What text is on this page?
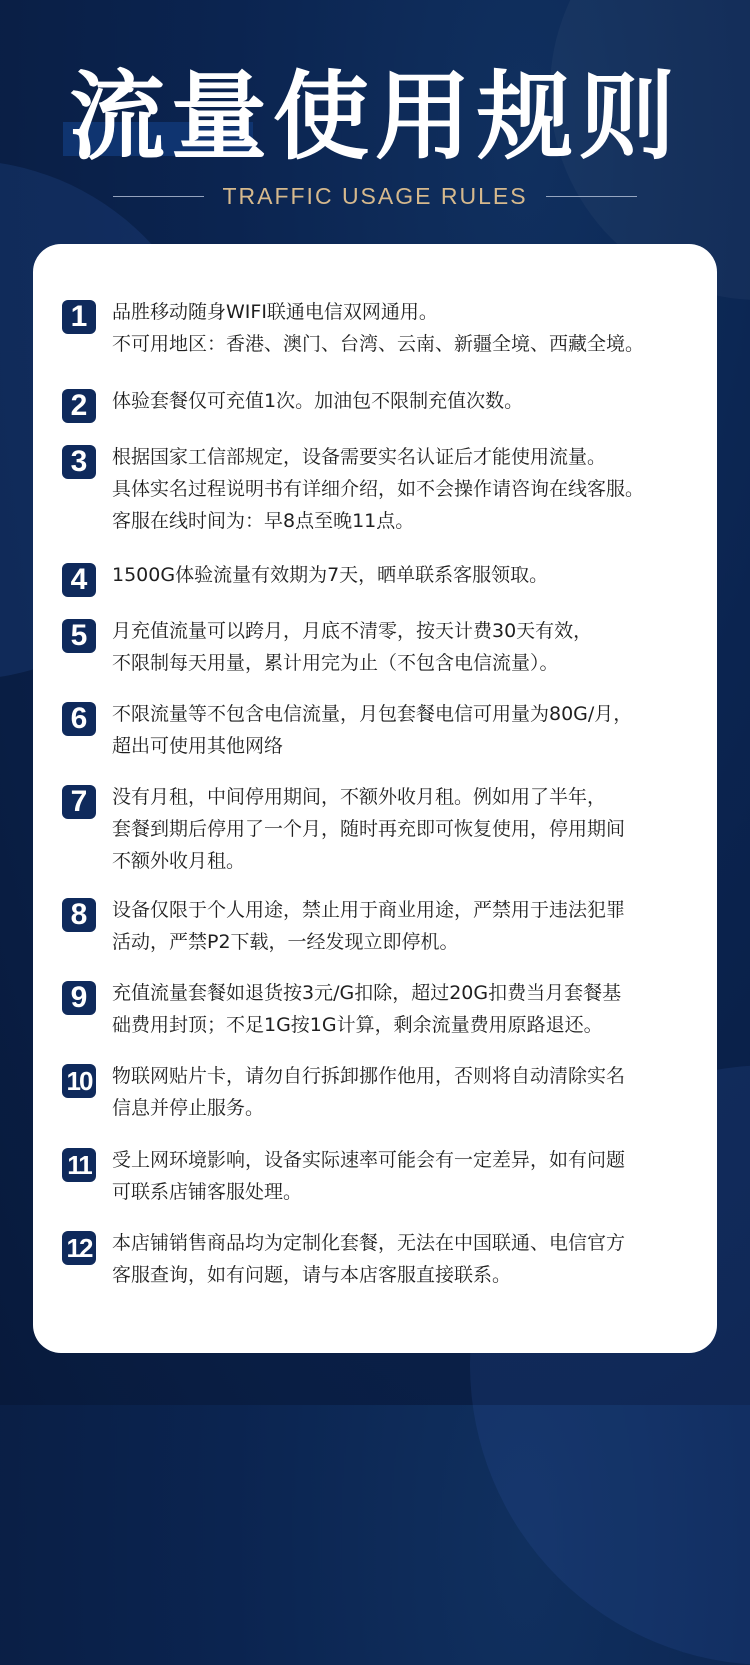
流量使用规则
TRAFFIC USAGE RULES
1	品胜移动随身WIFI联通电信双网通用。
不可用地区：香港、澳门、台湾、云南、新疆全境、西藏全境。
2	体验套餐仅可充值1次。加油包不限制充值次数。
3	根据国家工信部规定，设备需要实名认证后才能使用流量。
具体实名过程说明书有详细介绍，如不会操作请咨询在线客服。
客服在线时间为：早8点至晚11点。
4	1500G体验流量有效期为7天，晒单联系客服领取。
5	月充值流量可以跨月，月底不清零，按天计费30天有效，
不限制每天用量，累计用完为止（不包含电信流量）。
6	不限流量等不包含电信流量，月包套餐电信可用量为80G/月，
超出可使用其他网络
7	没有月租，中间停用期间，不额外收月租。例如用了半年，
套餐到期后停用了一个月，随时再充即可恢复使用，停用期间
不额外收月租。
8	设备仅限于个人用途，禁止用于商业用途，严禁用于违法犯罪
活动，严禁P2下载，一经发现立即停机。
9	充值流量套餐如退货按3元/G扣除，超过20G扣费当月套餐基
础费用封顶；不足1G按1G计算，剩余流量费用原路退还。
10 物联网贴片卡，请勿自行拆卸挪作他用，否则将自动清除实名
信息并停止服务。
11 受上网环境影响，设备实际速率可能会有一定差异，如有问题
可联系店铺客服处理。
12 本店铺销售商品均为定制化套餐，无法在中国联通、电信官方
客服查询，如有问题，请与本店客服直接联系。
